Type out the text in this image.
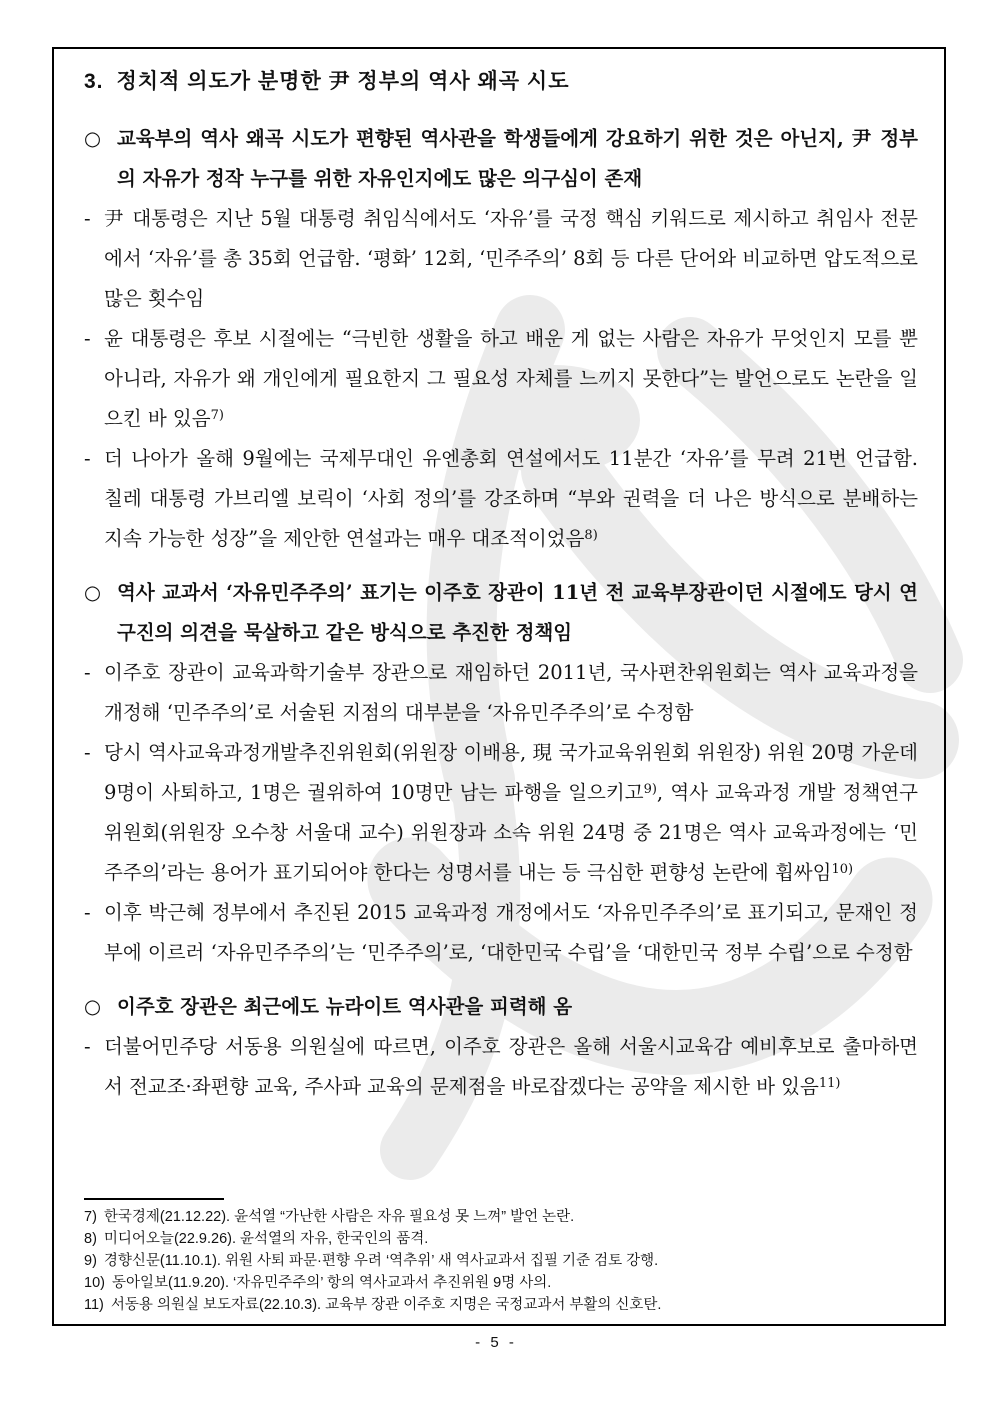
3. 정치적 의도가 분명한 尹 정부의 역사 왜곡 시도
○ 교육부의 역사 왜곡 시도가 편향된 역사관을 학생들에게 강요하기 위한 것은 아닌지, 尹 정부의 자유가 정작 누구를 위한 자유인지에도 많은 의구심이 존재
- 尹 대통령은 지난 5월 대통령 취임식에서도 ‘자유’를 국정 핵심 키워드로 제시하고 취임사 전문에서 ‘자유’를 총 35회 언급함. ‘평화’ 12회, ‘민주주의’ 8회 등 다른 단어와 비교하면 압도적으로 많은 횟수임
- 윤 대통령은 후보 시절에는 “극빈한 생활을 하고 배운 게 없는 사람은 자유가 무엇인지 모를 뿐 아니라, 자유가 왜 개인에게 필요한지 그 필요성 자체를 느끼지 못한다”는 발언으로도 논란을 일으킨 바 있음$^{7)}$
- 더 나아가 올해 9월에는 국제무대인 유엔총회 연설에서도 11분간 ‘자유’를 무려 21번 언급함. 칠레 대통령 가브리엘 보릭이 ‘사회 정의’를 강조하며 “부와 권력을 더 나은 방식으로 분배하는 지속 가능한 성장”을 제안한 연설과는 매우 대조적이었음$^{8)}$
○ 역사 교과서 ‘자유민주주의’ 표기는 이주호 장관이 11년 전 교육부장관이던 시절에도 당시 연구진의 의견을 묵살하고 같은 방식으로 추진한 정책임
- 이주호 장관이 교육과학기술부 장관으로 재임하던 2011년, 국사편찬위원회는 역사 교육과정을 개정해 ‘민주주의’로 서술된 지점의 대부분을 ‘자유민주주의’로 수정함
- 당시 역사교육과정개발추진위원회(위원장 이배용, 現 국가교육위원회 위원장) 위원 20명 가운데 9명이 사퇴하고, 1명은 궐위하여 10명만 남는 파행을 일으키고$^{9)}$, 역사 교육과정 개발 정책연구위원회(위원장 오수창 서울대 교수) 위원장과 소속 위원 24명 중 21명은 역사 교육과정에는 ‘민주주의’라는 용어가 표기되어야 한다는 성명서를 내는 등 극심한 편향성 논란에 휩싸임$^{10)}$
- 이후 박근혜 정부에서 추진된 2015 교육과정 개정에서도 ‘자유민주주의’로 표기되고, 문재인 정부에 이르러 ‘자유민주주의’는 ‘민주주의’로, ‘대한민국 수립’을 ‘대한민국 정부 수립’으로 수정함
○ 이주호 장관은 최근에도 뉴라이트 역사관을 피력해 옴
- 더불어민주당 서동용 의원실에 따르면, 이주호 장관은 올해 서울시교육감 예비후보로 출마하면서 전교조·좌편향 교육, 주사파 교육의 문제점을 바로잡겠다는 공약을 제시한 바 있음$^{11)}$
7) 한국경제(21.12.22). 윤석열 “가난한 사람은 자유 필요성 못 느껴” 발언 논란.
8) 미디어오늘(22.9.26). 윤석열의 자유, 한국인의 품격.
9) 경향신문(11.10.1). 위원 사퇴 파문·편향 우려 ‘역추위’ 새 역사교과서 집필 기준 검토 강행.
10) 동아일보(11.9.20). ‘자유민주주의’ 항의 역사교과서 추진위원 9명 사의.
11) 서동용 의원실 보도자료(22.10.3). 교육부 장관 이주호 지명은 국정교과서 부활의 신호탄.
- 5 -
